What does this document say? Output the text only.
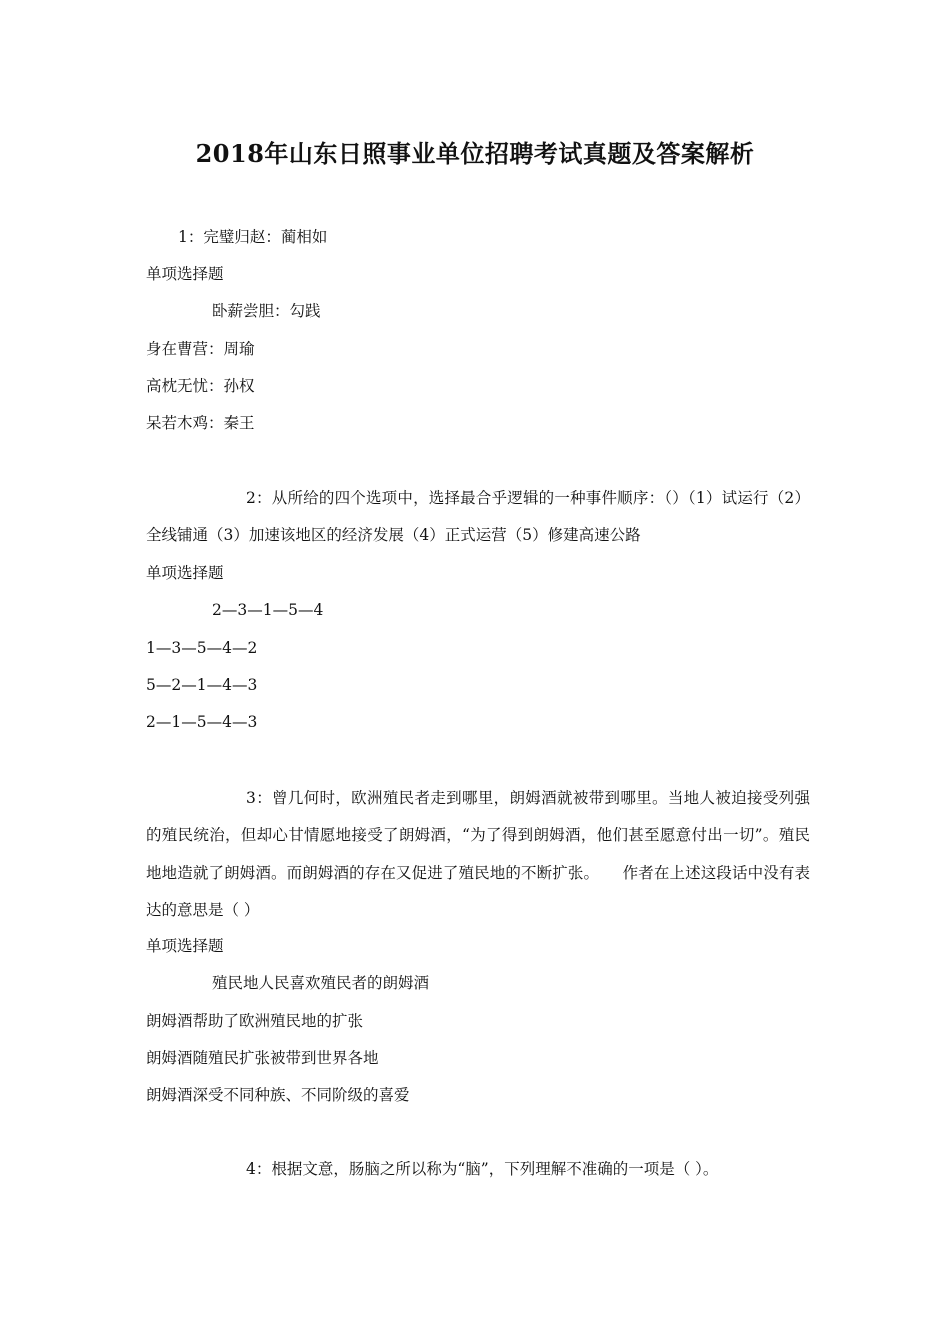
2018年山东日照事业单位招聘考试真题及答案解析
1：完璧归赵：蔺相如
单项选择题
卧薪尝胆：勾践
身在曹营：周瑜
高枕无忧：孙权
呆若木鸡：秦王
2：从所给的四个选项中，选择最合乎逻辑的一种事件顺序：（）（1）试运行（2）全线铺通（3）加速该地区的经济发展（4）正式运营（5）修建高速公路
单项选择题
2—3—1—5—4
1—3—5—4—2
5—2—1—4—3
2—1—5—4—3
3：曾几何时，欧洲殖民者走到哪里，朗姆酒就被带到哪里。当地人被迫接受列强的殖民统治，但却心甘情愿地接受了朗姆酒，“为了得到朗姆酒，他们甚至愿意付出一切”。殖民地地造就了朗姆酒。而朗姆酒的存在又促进了殖民地的不断扩张。　　作者在上述这段话中没有表达的意思是（ ）
单项选择题
殖民地人民喜欢殖民者的朗姆酒
朗姆酒帮助了欧洲殖民地的扩张
朗姆酒随殖民扩张被带到世界各地
朗姆酒深受不同种族、不同阶级的喜爱
4：根据文意，肠脑之所以称为“脑”，下列理解不准确的一项是（ ）。
